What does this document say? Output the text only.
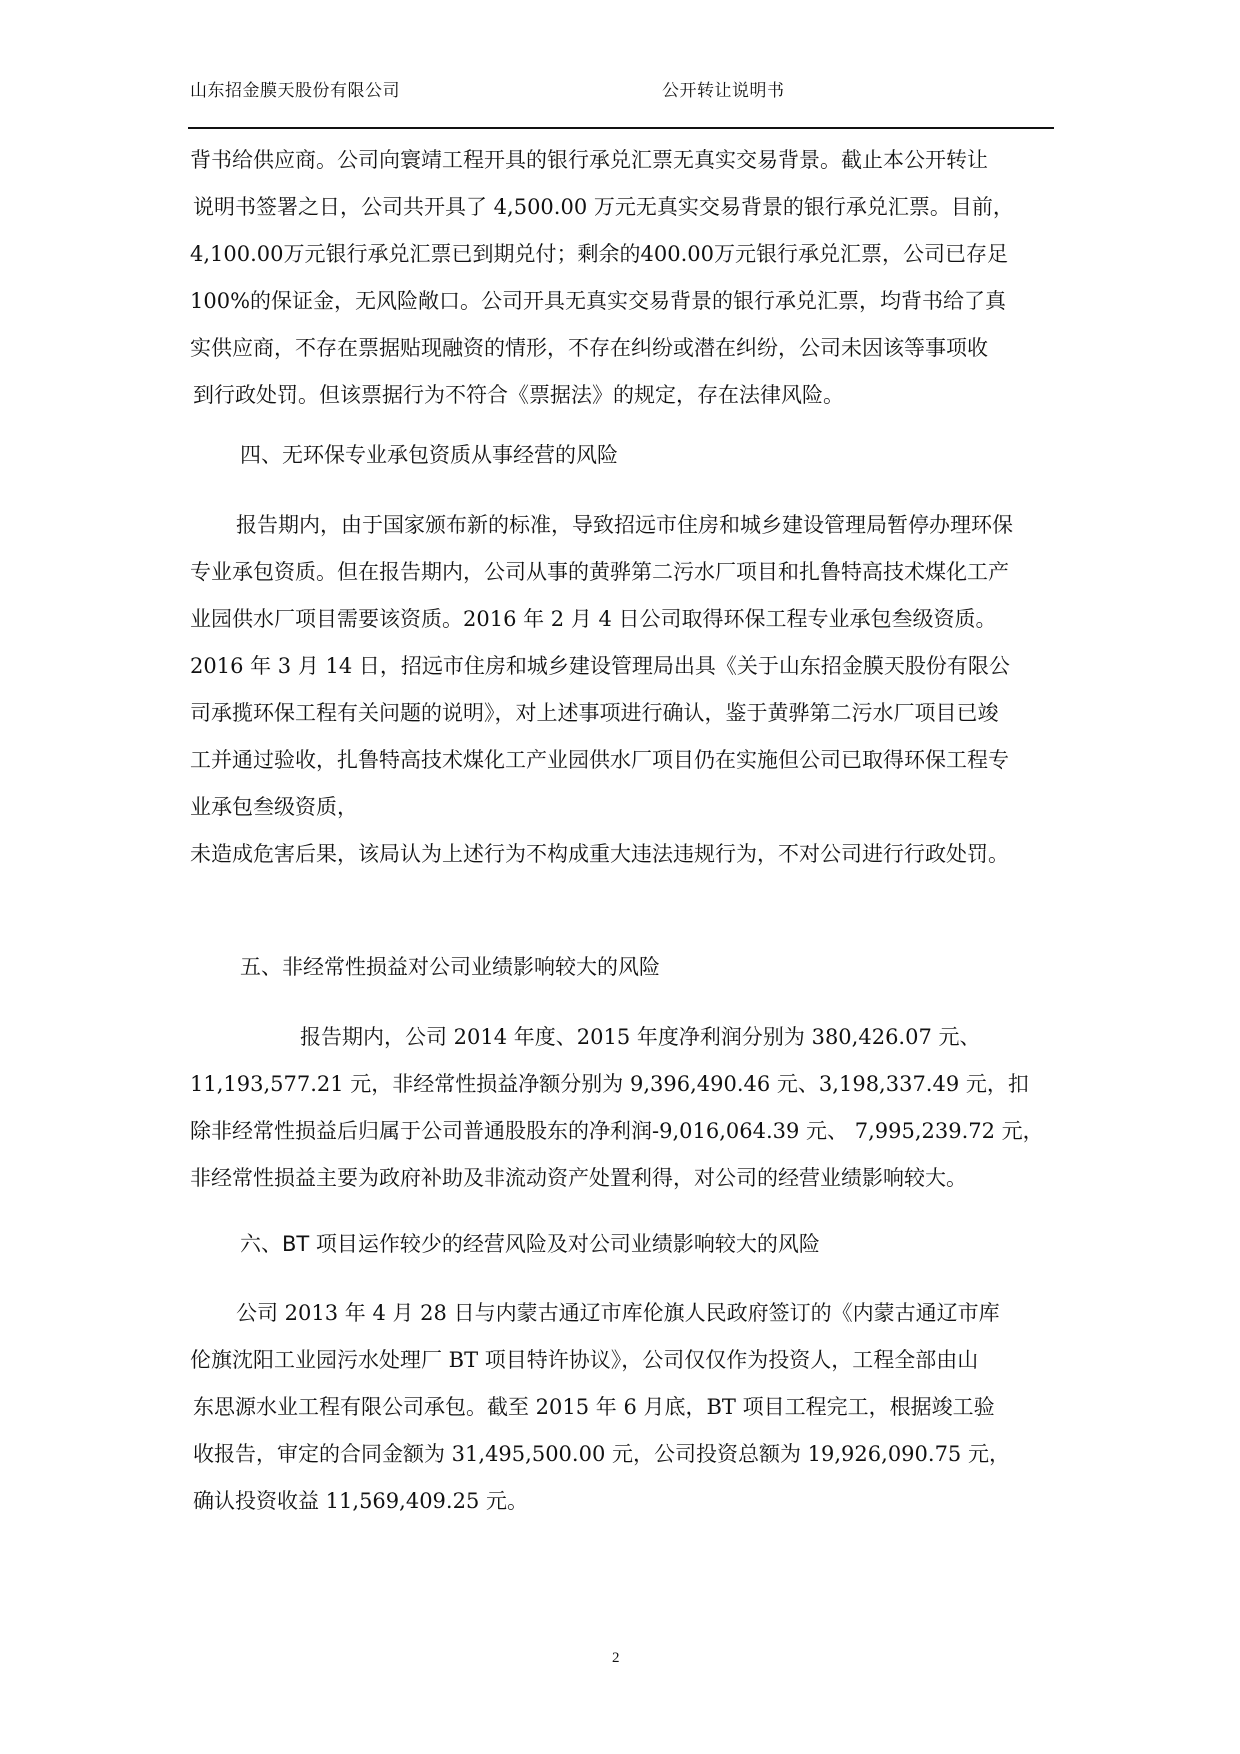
山东招金膜天股份有限公司	公开转让说明书
背书给供应商。公司向寰靖工程开具的银行承兑汇票无真实交易背景。截止本公开转让
说明书签署之日，公司共开具了 4,500.00 万元无真实交易背景的银行承兑汇票。目前，
4,100.00万元银行承兑汇票已到期兑付；剩余的400.00万元银行承兑汇票，公司已存足
100%的保证金，无风险敞口。公司开具无真实交易背景的银行承兑汇票，均背书给了真
实供应商，不存在票据贴现融资的情形，不存在纠纷或潜在纠纷，公司未因该等事项收
到行政处罚。但该票据行为不符合《票据法》的规定，存在法律风险。
四、无环保专业承包资质从事经营的风险
报告期内，由于国家颁布新的标准，导致招远市住房和城乡建设管理局暂停办理环保
专业承包资质。但在报告期内，公司从事的黄骅第二污水厂项目和扎鲁特高技术煤化工产
业园供水厂项目需要该资质。2016 年 2 月 4 日公司取得环保工程专业承包叁级资质。
2016 年 3 月 14 日，招远市住房和城乡建设管理局出具《关于山东招金膜天股份有限公
司承揽环保工程有关问题的说明》，对上述事项进行确认，鉴于黄骅第二污水厂项目已竣
工并通过验收，扎鲁特高技术煤化工产业园供水厂项目仍在实施但公司已取得环保工程专
业承包叁级资质，
未造成危害后果，该局认为上述行为不构成重大违法违规行为，不对公司进行行政处罚。
五、非经常性损益对公司业绩影响较大的风险
报告期内，公司 2014 年度、2015 年度净利润分别为 380,426.07 元、
11,193,577.21 元，非经常性损益净额分别为 9,396,490.46 元、3,198,337.49 元，扣
除非经常性损益后归属于公司普通股股东的净利润-9,016,064.39 元、 7,995,239.72 元，
非经常性损益主要为政府补助及非流动资产处置利得，对公司的经营业绩影响较大。
六、BT 项目运作较少的经营风险及对公司业绩影响较大的风险
公司 2013 年 4 月 28 日与内蒙古通辽市库伦旗人民政府签订的《内蒙古通辽市库
伦旗沈阳工业园污水处理厂 BT 项目特许协议》，公司仅仅作为投资人，工程全部由山
东思源水业工程有限公司承包。截至 2015 年 6 月底，BT 项目工程完工，根据竣工验
收报告，审定的合同金额为 31,495,500.00 元，公司投资总额为 19,926,090.75 元，
确认投资收益 11,569,409.25 元。
2
